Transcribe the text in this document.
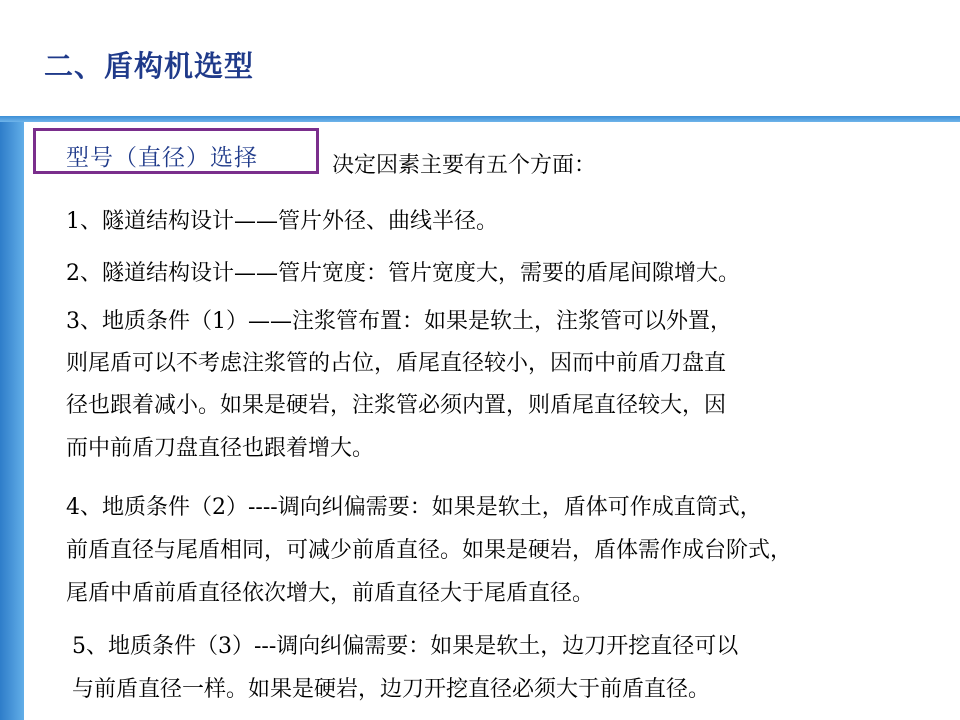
二、盾构机选型
型号（直径）选择	决定因素主要有五个方面：
1、隧道结构设计——管片外径、曲线半径。
2、隧道结构设计——管片宽度：管片宽度大，需要的盾尾间隙增大。
3、地质条件（1）——注浆管布置：如果是软土，注浆管可以外置，
则尾盾可以不考虑注浆管的占位，盾尾直径较小，因而中前盾刀盘直
径也跟着减小。如果是硬岩，注浆管必须内置，则盾尾直径较大，因
而中前盾刀盘直径也跟着增大。
4、地质条件（2）----调向纠偏需要：如果是软土，盾体可作成直筒式，
前盾直径与尾盾相同，可减少前盾直径。如果是硬岩，盾体需作成台阶式，
尾盾中盾前盾直径依次增大，前盾直径大于尾盾直径。
5、地质条件（3）---调向纠偏需要：如果是软土，边刀开挖直径可以
与前盾直径一样。如果是硬岩，边刀开挖直径必须大于前盾直径。
